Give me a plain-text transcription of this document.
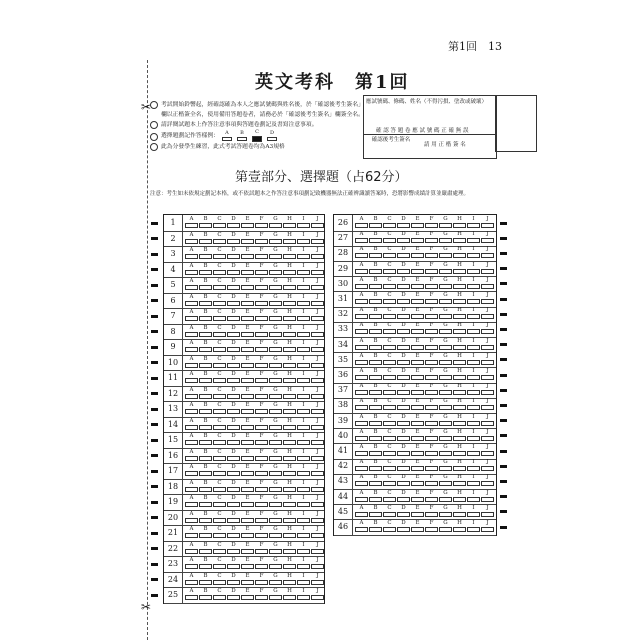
第1回　13
英文考科　第1回
✂
✂
考試開始鈴響起，經確認確為本人之應試號碼與姓名後，於「確認後考生簽名」欄以正楷簽全名，使用備用答題卷者，請務必於「確認後考生簽名」欄簽全名。
請詳閱試題本上作答注意事項與答題卷劃記及書寫注意事項。
選擇題劃記作答樣例： A B C D
此為分發學生練習，此式考試答題卷均為A3規格
應試號碼、條碼、姓名（不得污損、塗改或破壞）
確 認 答 題 卷 應 試 號 碼 正 確 無 誤
確認後考生簽名
請 用 正 楷 簽 名
第壹部分、選擇題（占62分）
注意：考生如未依規定劃記本格，或不依試題本之作答注意事項劃記致機器無法正確辨識讀答案時，恐將影響成績計算並嚴肅處理。
1	A B C D E F G H I J
2	A B C D E F G H I J
3	A B C D E F G H I J
4	A B C D E F G H I J
5	A B C D E F G H I J
6	A B C D E F G H I J
7	A B C D E F G H I J
8	A B C D E F G H I J
9	A B C D E F G H I J
10	A B C D E F G H I J
11	A B C D E F G H I J
12	A B C D E F G H I J
13	A B C D E F G H I J
14	A B C D E F G H I J
15	A B C D E F G H I J
16	A B C D E F G H I J
17	A B C D E F G H I J
18	A B C D E F G H I J
19	A B C D E F G H I J
20	A B C D E F G H I J
21	A B C D E F G H I J
22	A B C D E F G H I J
23	A B C D E F G H I J
24	A B C D E F G H I J
25	A B C D E F G H I J
26	A B C D E F G H I J
27	A B C D E F G H I J
28	A B C D E F G H I J
29	A B C D E F G H I J
30	A B C D E F G H I J
31	A B C D E F G H I J
32	A B C D E F G H I J
33	A B C D E F G H I J
34	A B C D E F G H I J
35	A B C D E F G H I J
36	A B C D E F G H I J
37	A B C D E F G H I J
38	A B C D E F G H I J
39	A B C D E F G H I J
40	A B C D E F G H I J
41	A B C D E F G H I J
42	A B C D E F G H I J
43	A B C D E F G H I J
44	A B C D E F G H I J
45	A B C D E F G H I J
46	A B C D E F G H I J
